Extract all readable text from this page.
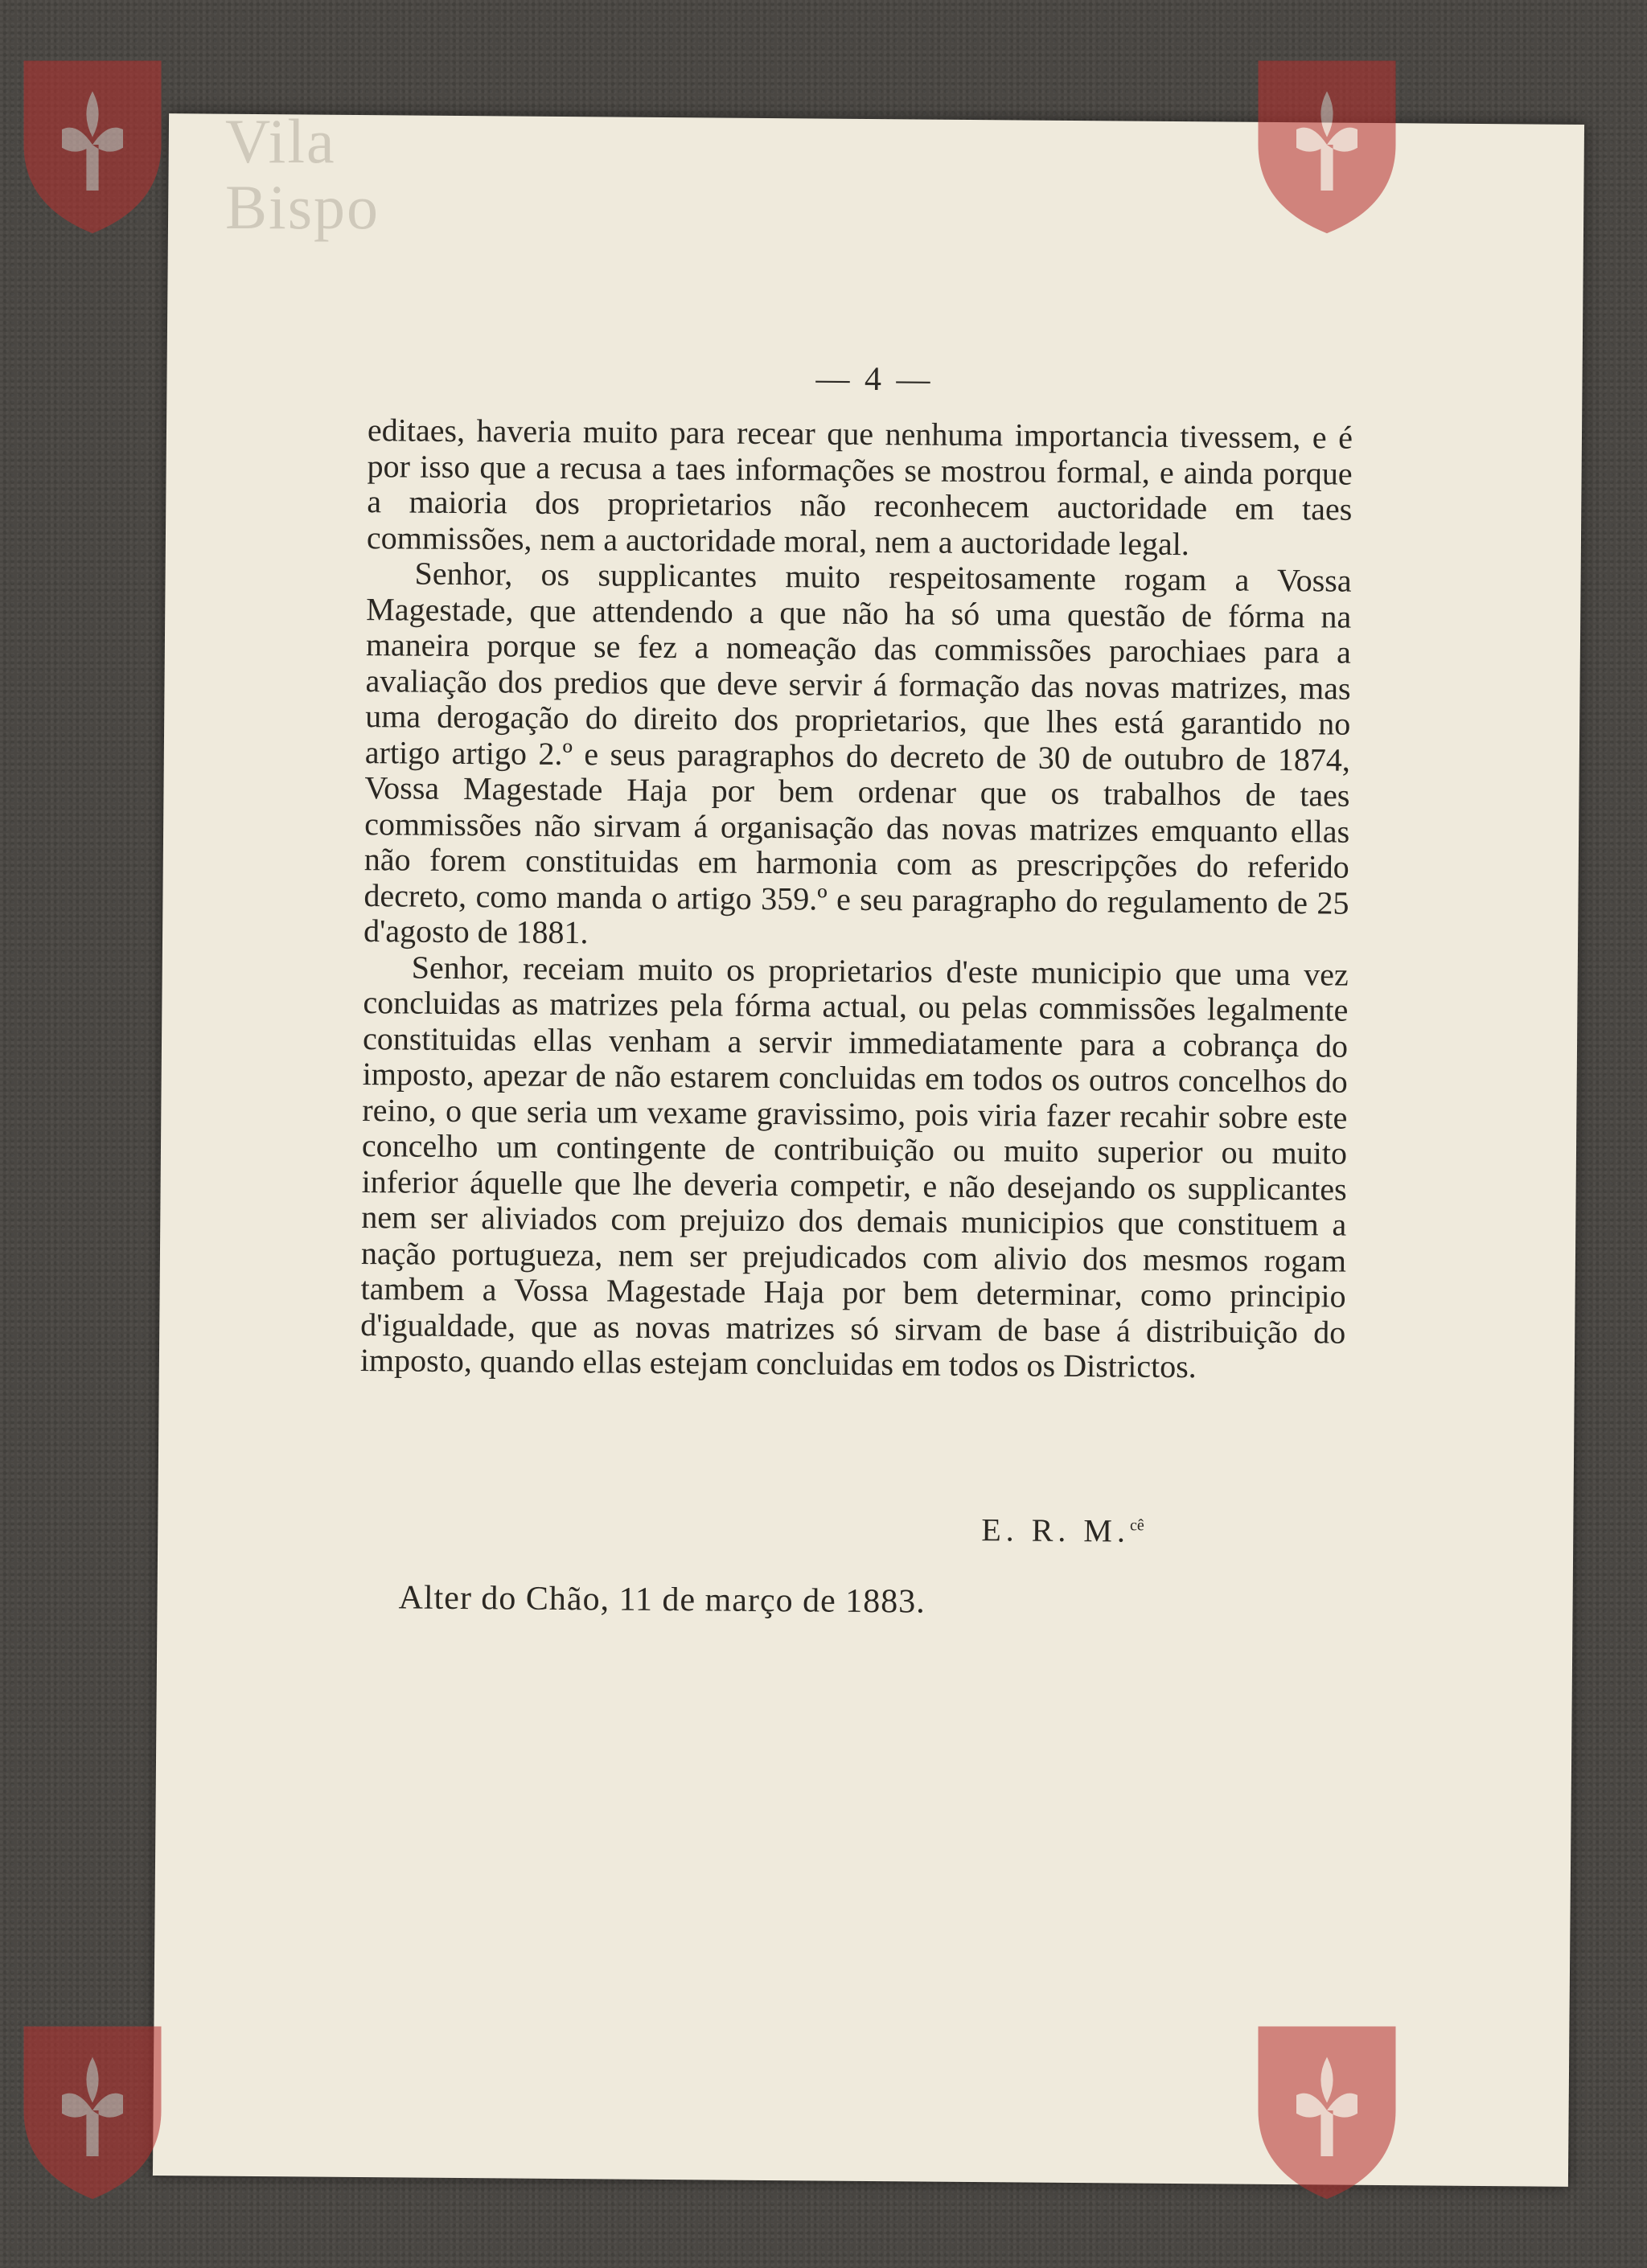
— 4 —

editaes, haveria muito para recear que nenhuma importancia tivessem, e é por isso que a recusa a taes informações se mostrou formal, e ainda porque a maioria dos proprietarios não reconhecem auctoridade em taes commissões, nem a auctoridade moral, nem a auctoridade legal.

Senhor, os supplicantes muito respeitosamente rogam a Vossa Magestade, que attendendo a que não ha só uma questão de fórma na maneira porque se fez a nomeação das commissões parochiaes para a avaliação dos predios que deve servir á formação das novas matrizes, mas uma derogação do direito dos proprietarios, que lhes está garantido no artigo artigo 2.º e seus paragraphos do decreto de 30 de outubro de 1874, Vossa Magestade Haja por bem ordenar que os trabalhos de taes commissões não sirvam á organisação das novas matrizes emquanto ellas não forem constituidas em harmonia com as prescripções do referido decreto, como manda o artigo 359.º e seu paragrapho do regulamento de 25 d'agosto de 1881.

Senhor, receiam muito os proprietarios d'este municipio que uma vez concluidas as matrizes pela fórma actual, ou pelas commissões legalmente constituidas ellas venham a servir immediatamente para a cobrança do imposto, apezar de não estarem concluidas em todos os outros concelhos do reino, o que seria um vexame gravissimo, pois viria fazer recahir sobre este concelho um contingente de contribuição ou muito superior ou muito inferior áquelle que lhe deveria competir, e não desejando os supplicantes nem ser aliviados com prejuizo dos demais municipios que constituem a nação portugueza, nem ser prejudicados com alivio dos mesmos rogam tambem a Vossa Magestade Haja por bem determinar, como principio d'igualdade, que as novas matrizes só sirvam de base á distribuição do imposto, quando ellas estejam concluidas em todos os Districtos.

E. R. M.$^{cê}$
Alter do Chão, 11 de março de 1883.
Vila
Bispo
